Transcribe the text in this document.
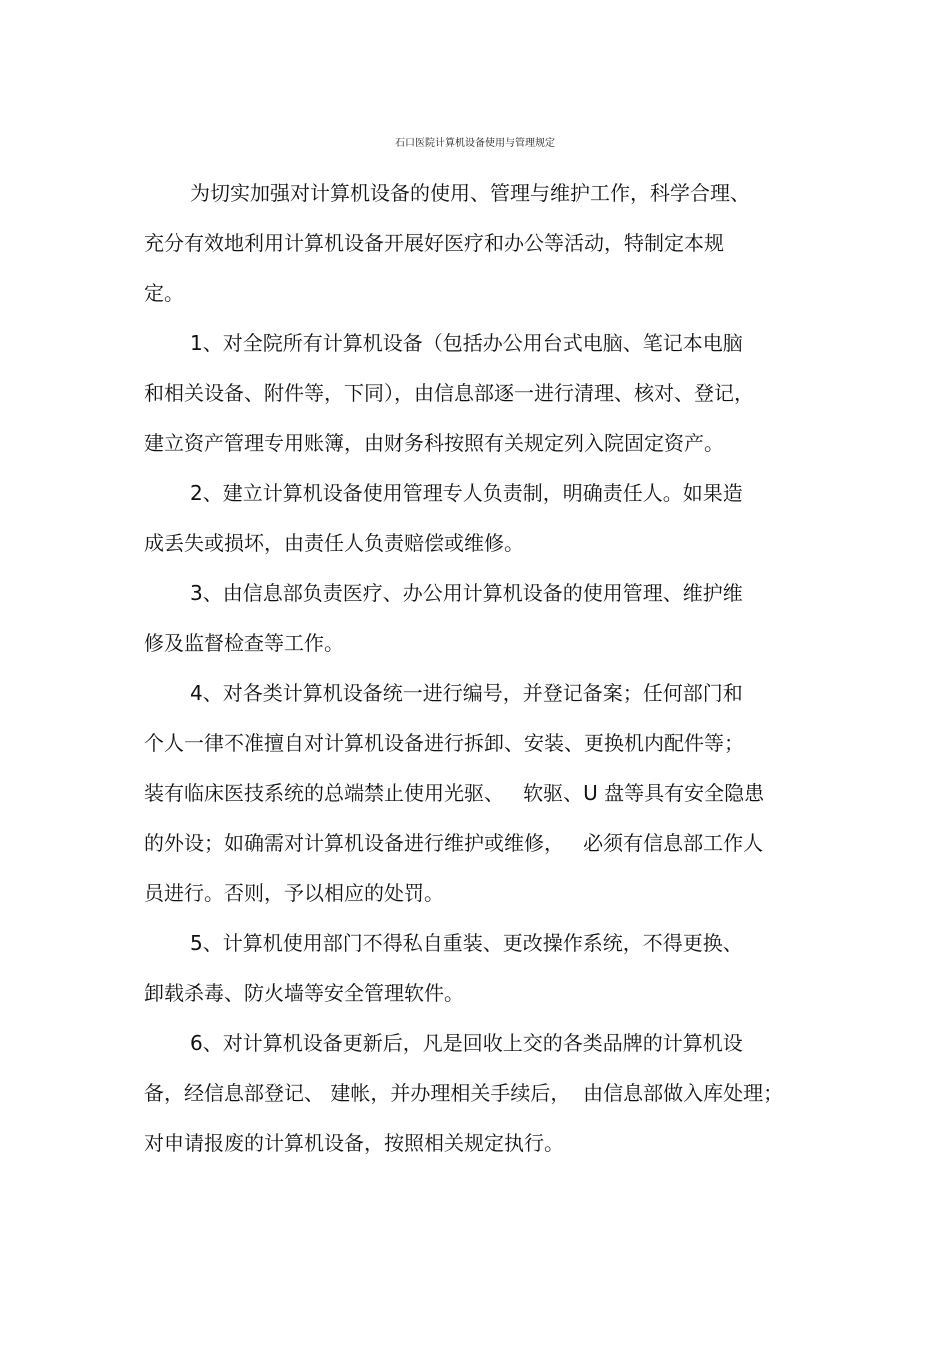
石口医院计算机设备使用与管理规定
为切实加强对计算机设备的使用、管理与维护工作，科学合理、
充分有效地利用计算机设备开展好医疗和办公等活动，特制定本规
定。
1、对全院所有计算机设备（包括办公用台式电脑、笔记本电脑
和相关设备、附件等，下同），由信息部逐一进行清理、核对、登记，
建立资产管理专用账簿，由财务科按照有关规定列入院固定资产。
2、建立计算机设备使用管理专人负责制，明确责任人。如果造
成丢失或损坏，由责任人负责赔偿或维修。
3、由信息部负责医疗、办公用计算机设备的使用管理、维护维
修及监督检查等工作。
4、对各类计算机设备统一进行编号，并登记备案；任何部门和
个人一律不准擅自对计算机设备进行拆卸、安装、更换机内配件等；
装有临床医技系统的总端禁止使用光驱、   软驱、U 盘等具有安全隐患
的外设；如确需对计算机设备进行维护或维修，   必须有信息部工作人
员进行。否则，予以相应的处罚。
5、计算机使用部门不得私自重装、更改操作系统，不得更换、
卸载杀毒、防火墙等安全管理软件。
6、对计算机设备更新后，凡是回收上交的各类品牌的计算机设
备，经信息部登记、 建帐，并办理相关手续后，  由信息部做入库处理；
对申请报废的计算机设备，按照相关规定执行。
